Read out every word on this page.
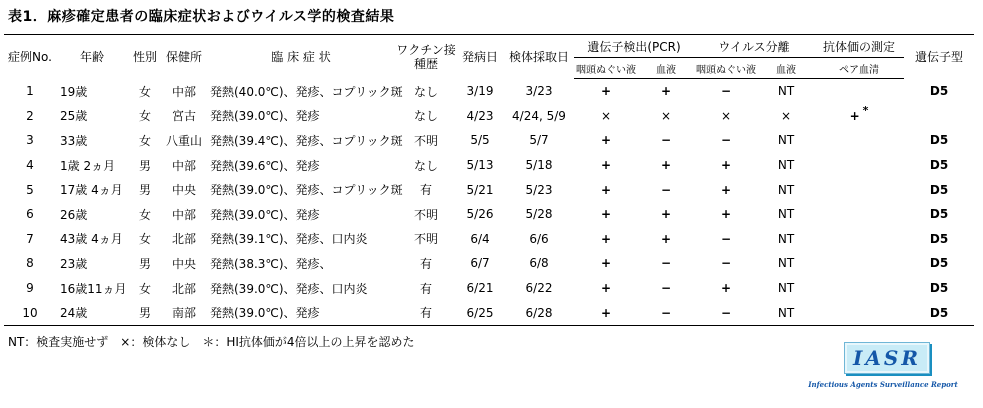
表1．麻疹確定患者の臨床症状およびウイルス学的検査結果
症例No.	年齢	性別	保健所	臨 床 症 状	ワクチン接種歴	発病日	検体採取日	遺伝子検出(PCR)		ウイルス分離		抗体価の測定	遺伝子型
								咽頭ぬぐい液	血液	咽頭ぬぐい液	血液	ペア血清	
1	19歳	女	中部	発熱(40.0℃)、発疹、コプリック斑	なし	3/19	3/23	+	+	−	NT		D5
2	25歳	女	宮古	発熱(39.0℃)、発疹	なし	4/23	4/24, 5/9	×	×	×	×	+ *	
3	33歳	女	八重山	発熱(39.4℃)、発疹、コプリック斑	不明	5/5	5/7	+	−	−	NT		D5
4	1歳 2ヵ月	男	中部	発熱(39.6℃)、発疹	なし	5/13	5/18	+	+	+	NT		D5
5	17歳 4ヵ月	男	中央	発熱(39.0℃)、発疹、コプリック斑	有	5/21	5/23	+	−	+	NT		D5
6	26歳	女	中部	発熱(39.0℃)、発疹	不明	5/26	5/28	+	+	+	NT		D5
7	43歳 4ヵ月	女	北部	発熱(39.1℃)、発疹、口内炎	不明	6/4	6/6	+	+	−	NT		D5
8	23歳	男	中央	発熱(38.3℃)、発疹、	有	6/7	6/8	+	−	−	NT		D5
9	16歳11ヵ月	女	北部	発熱(39.0℃)、発疹、口内炎	有	6/21	6/22	+	−	+	NT		D5
10	24歳	男	南部	発熱(39.0℃)、発疹	有	6/25	6/28	+	−	−	NT		D5
NT：検査実施せず　×：検体なし　＊：HI抗体価が4倍以上の上昇を認めた
IASR
Infectious Agents Surveillance Report
